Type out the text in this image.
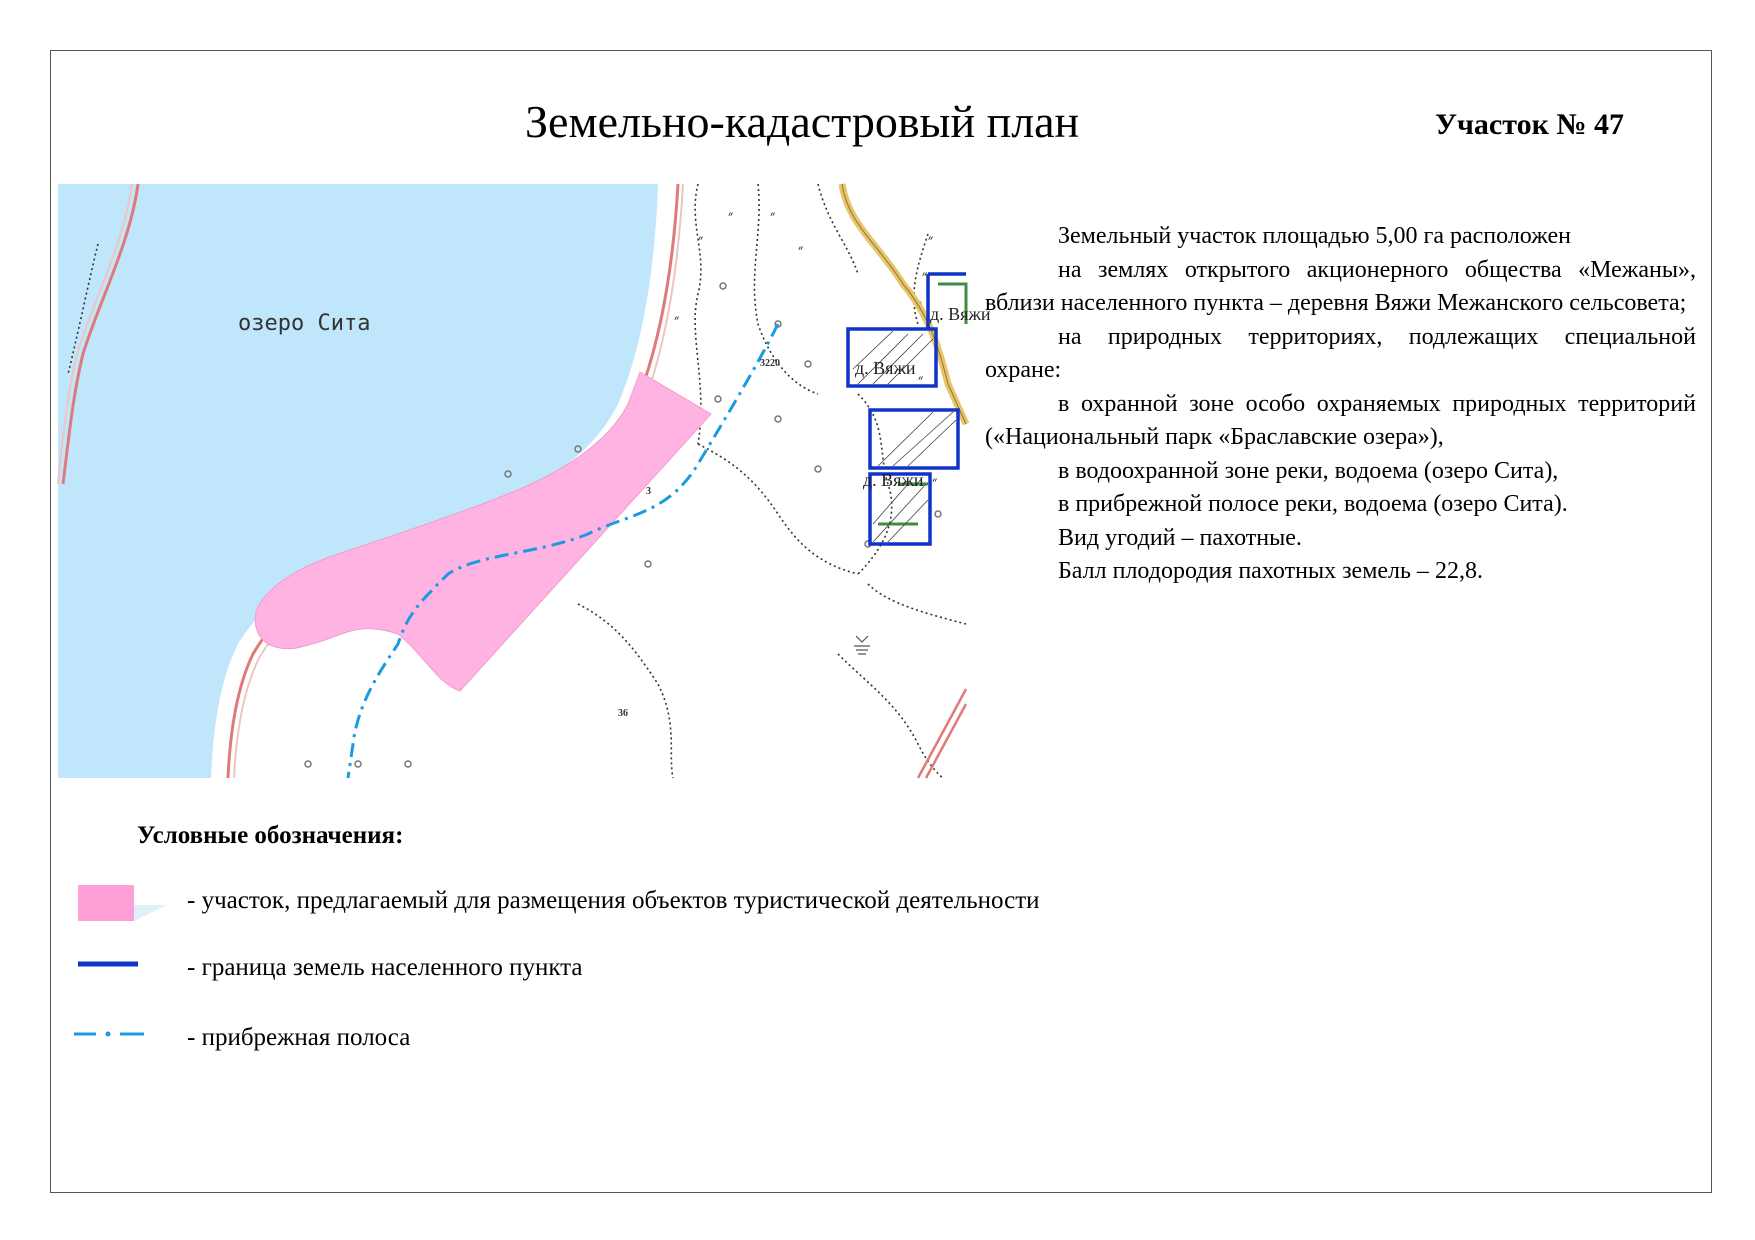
Земельно-кадастровый план	Участок № 47
״	״
״
״
״
״
״
״
״
озеро Сита
3220
3
36
д. Вяжи
д. Вяжи
д. Вяжи

Земельный участок площадью 5,00 га расположен

на землях открытого акционерного общества «Межаны», вблизи населенного пункта – деревня Вяжи Межанского сельсовета;

на природных территориях, подлежащих специальной охране:

в охранной зоне особо охраняемых природных территорий («Национальный парк «Браславские озера»),

в водоохранной зоне реки, водоема (озеро Сита),

в прибрежной полосе реки, водоема (озеро Сита).

Вид угодий – пахотные.

Балл плодородия пахотных земель – 22,8.

Условные обозначения:
- участок, предлагаемый для размещения объектов туристической деятельности
- граница земель населенного пункта
- прибрежная полоса
